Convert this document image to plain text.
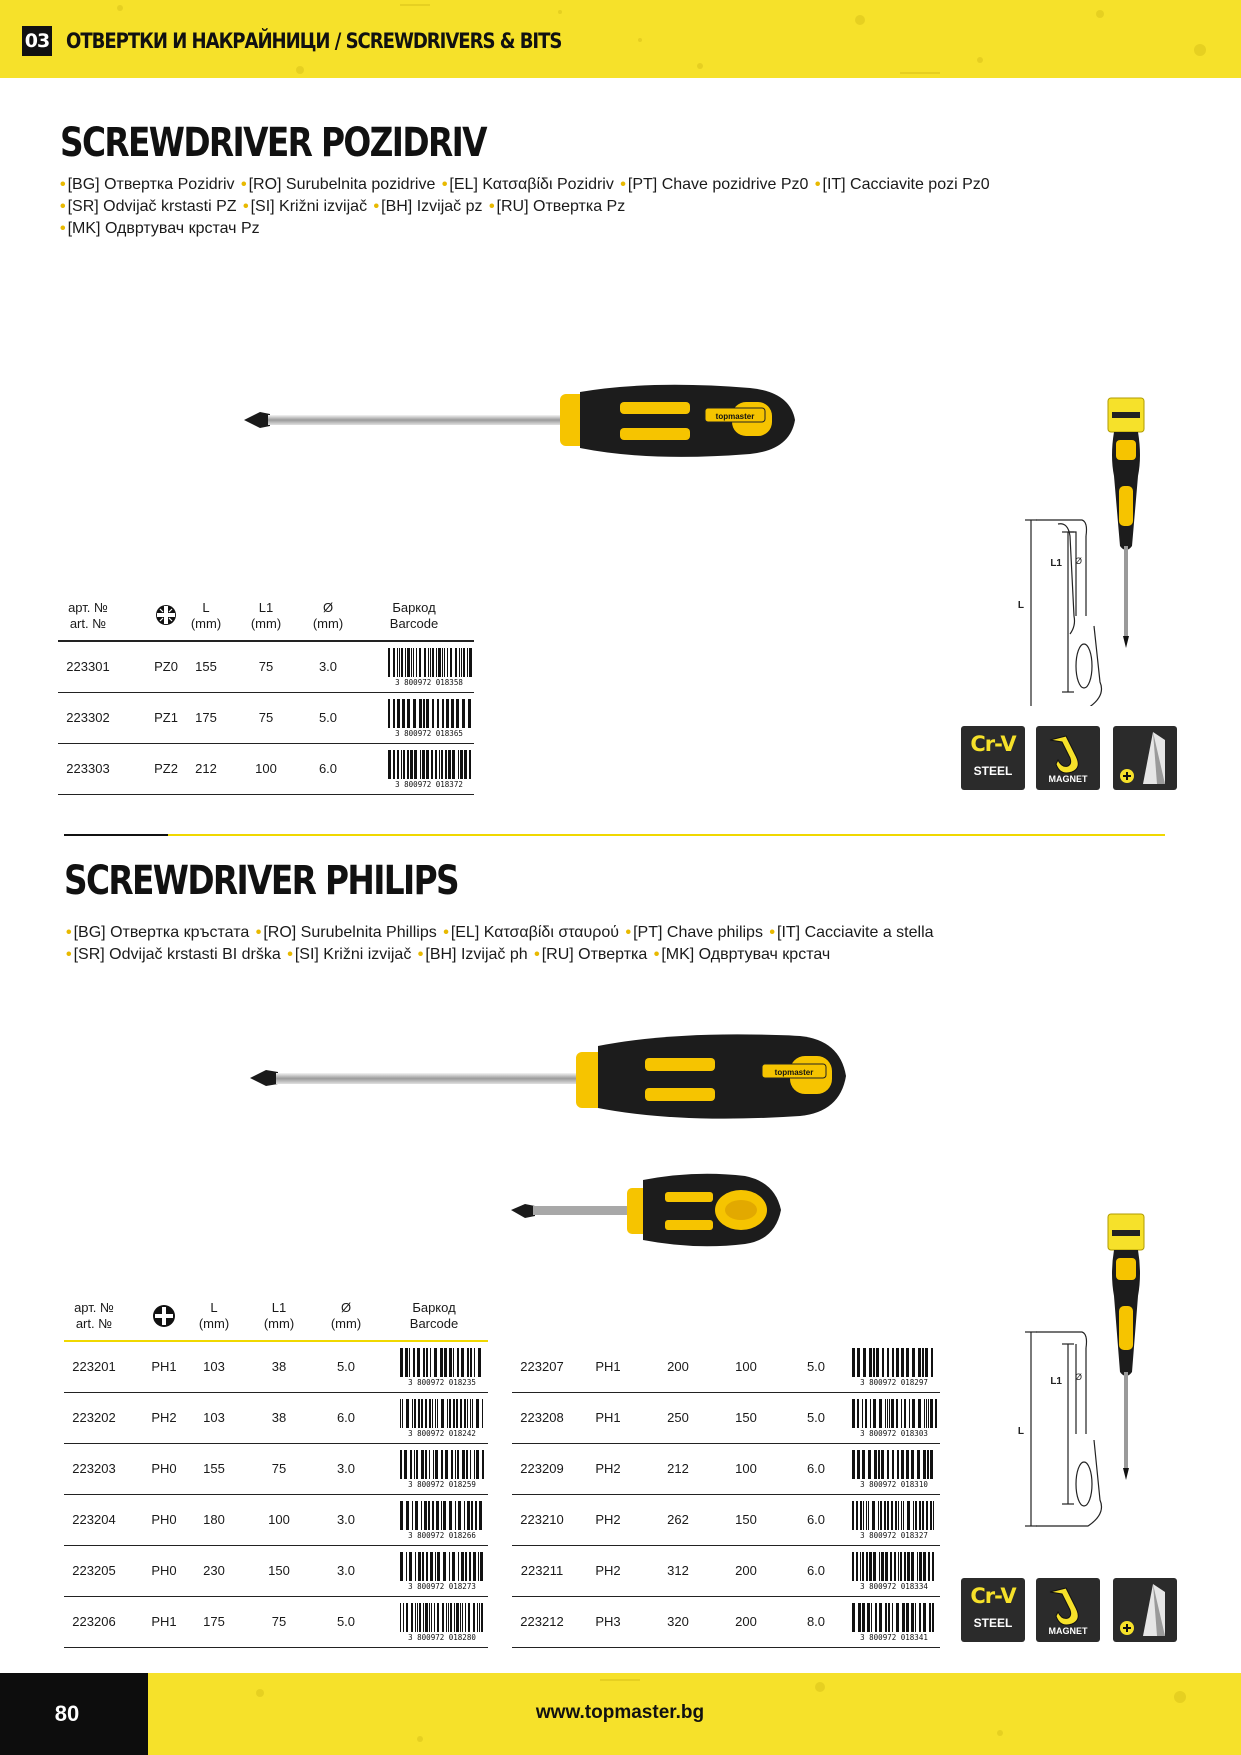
03 ОТВЕРТКИ И НАКРАЙНИЦИ / SCREWDRIVERS & BITS
SCREWDRIVER POZIDRIV
• [BG] Отвертка Pozidriv • [RO] Surubelnita pozidrive • [EL] Κατσαβίδι Pozidriv • [PT] Chave pozidrive Pz0 • [IT] Cacciavite pozi Pz0
• [SR] Odvijač krstasti PZ • [SI] Križni izvijač • [BH] Izvijač pz • [RU] Отвертка Pz
• [MK] Одвртувач крстач Pz
topmaster
арт. №
art. №
L
(mm)
L1
(mm)
Ø
(mm)
Баркод
Barcode
223301	PZ0	155	75	3.0
3 800972 018358
223302	PZ1	175	75	5.0
3 800972 018365
223303	PZ2	212	100	6.0
3 800972 018372
L
L1 Ø
Cr-V
STEEL
MAGNET
SCREWDRIVER PHILIPS
• [BG] Отвертка кръстата • [RO] Surubelnita Phillips • [EL] Κατσαβίδι σταυρού • [PT] Chave philips • [IT] Cacciavite a stella
• [SR] Odvijač krstasti BI drška • [SI] Križni izvijač • [BH] Izvijač ph • [RU] Отвертка • [MK] Одвртувач крстач
topmaster
арт. №
art. №
L
(mm)
L1
(mm)
Ø
(mm)
Баркод
Barcode
223201	PH1	103	38	5.0
3 800972 018235
223202	PH2	103	38	6.0
3 800972 018242
223203	PH0	155	75	3.0
3 800972 018259
223204	PH0	180	100	3.0
3 800972 018266
223205	PH0	230	150	3.0
3 800972 018273
223206	PH1	175	75	5.0
3 800972 018280
223207	PH1	200	100	5.0
3 800972 018297
223208	PH1	250	150	5.0
3 800972 018303
223209	PH2	212	100	6.0
3 800972 018310
223210	PH2	262	150	6.0
3 800972 018327
223211	PH2	312	200	6.0
3 800972 018334
223212	PH3	320	200	8.0
3 800972 018341
L
L1 Ø
Cr-V
STEEL
MAGNET
80	www.topmaster.bg
